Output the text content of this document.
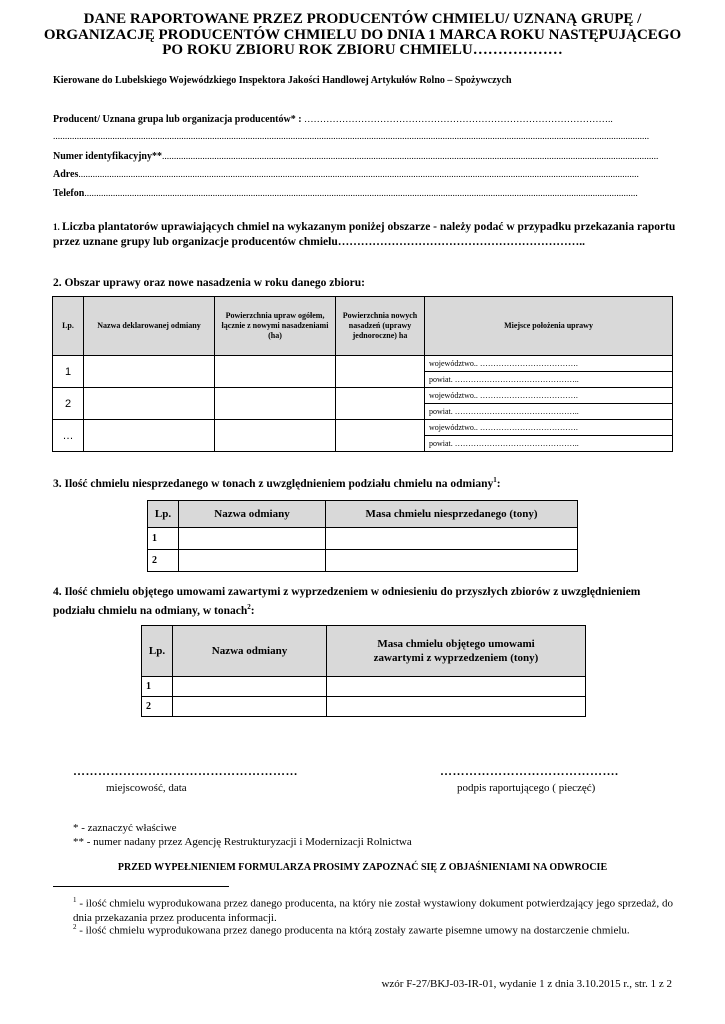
DANE RAPORTOWANE PRZEZ PRODUCENTÓW CHMIELU/ UZNANĄ GRUPĘ / ORGANIZACJĘ PRODUCENTÓW CHMIELU DO DNIA 1 MARCA ROKU NASTĘPUJĄCEGO PO ROKU ZBIORU ROK ZBIORU CHMIELU………………
Kierowane do Lubelskiego Wojewódzkiego Inspektora Jakości Handlowej Artykułów Rolno – Spożywczych
Producent/ Uznana grupa lub organizacja producentów* : ……………………………………………………………………………………..
...........................................................................................................................................................................................................................................................
Numer identyfikacyjny**.................................................................................................................................................................................................................
Adres............................................................................................................................................................................................................................................
Telefon.........................................................................................................................................................................................................................................
1. Liczba plantatorów uprawiających chmiel na wykazanym poniżej obszarze - należy podać w przypadku przekazania raportu przez uznane grupy lub organizacje producentów chmielu………………………………………………………..
2. Obszar uprawy oraz nowe nasadzenia w roku danego zbioru:
Lp.	Nazwa deklarowanej odmiany	Powierzchnia upraw ogółem, łącznie z nowymi nasadzeniami (ha)	Powierzchnia nowych nasadzeń (uprawy jednoroczne) ha	Miejsce położenia uprawy
1				województwo.. ……………………………….
				powiat. ………………………………………..
2				województwo.. ……………………………….
				powiat. ………………………………………..
…				województwo.. ……………………………….
				powiat. ………………………………………..
3. Ilość chmielu niesprzedanego w tonach z uwzględnieniem podziału chmielu na odmiany$^1$:
Lp.	Nazwa odmiany	Masa chmielu niesprzedanego (tony)
1		
2		
4. Ilość chmielu objętego umowami zawartymi z wyprzedzeniem w odniesieniu do przyszłych zbiorów z uwzględnieniem podziału chmielu na odmiany, w tonach$^2$:
Lp.	Nazwa odmiany	Masa chmielu objętego umowami zawartymi z wyprzedzeniem (tony)
1		
2		
………………………………………………
miejscowość, data
…………………………………….
podpis raportującego ( pieczęć)
* - zaznaczyć właściwe
** - numer nadany przez Agencję Restrukturyzacji i Modernizacji Rolnictwa
PRZED WYPEŁNIENIEM FORMULARZA PROSIMY ZAPOZNAĆ SIĘ Z OBJAŚNIENIAMI NA ODWROCIE
$^1$ - ilość chmielu wyprodukowana przez danego producenta, na który nie został wystawiony dokument potwierdzający jego sprzedaż, do dnia przekazania przez producenta informacji.
$^2$ - ilość chmielu wyprodukowana przez danego producenta na którą zostały zawarte pisemne umowy na dostarczenie chmielu.
wzór F-27/BKJ-03-IR-01, wydanie 1 z dnia 3.10.2015 r., str. 1 z 2
